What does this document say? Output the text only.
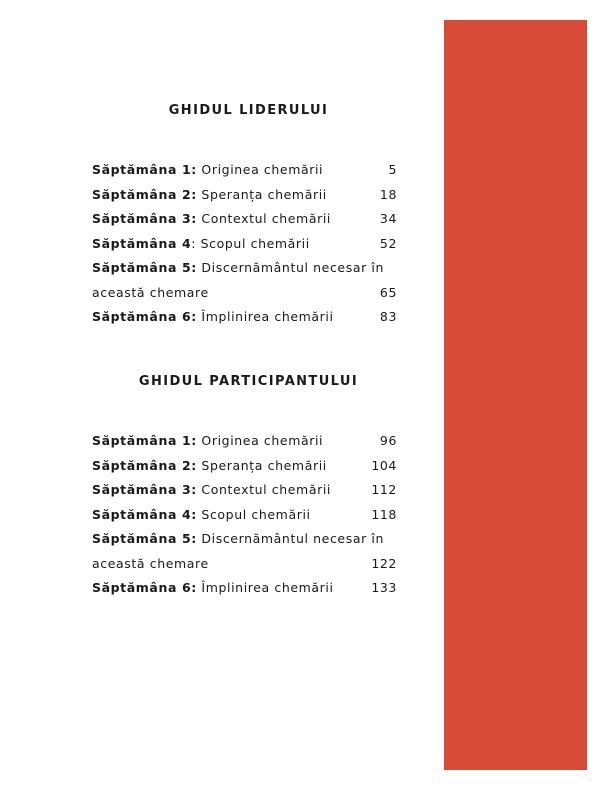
GHIDUL LIDERULUI
Săptămâna 1: Originea chemării	5
Săptămâna 2: Speranța chemării	18
Săptămâna 3: Contextul chemării	34
Săptămâna 4: Scopul chemării	52
Săptămâna 5: Discernământul necesar în
această chemare	65
Săptămâna 6: Împlinirea chemării	83
GHIDUL PARTICIPANTULUI
Săptămâna 1: Originea chemării	96
Săptămâna 2: Speranța chemării	104
Săptămâna 3: Contextul chemării	112
Săptămâna 4: Scopul chemării	118
Săptămâna 5: Discernământul necesar în
această chemare	122
Săptămâna 6: Împlinirea chemării	133
